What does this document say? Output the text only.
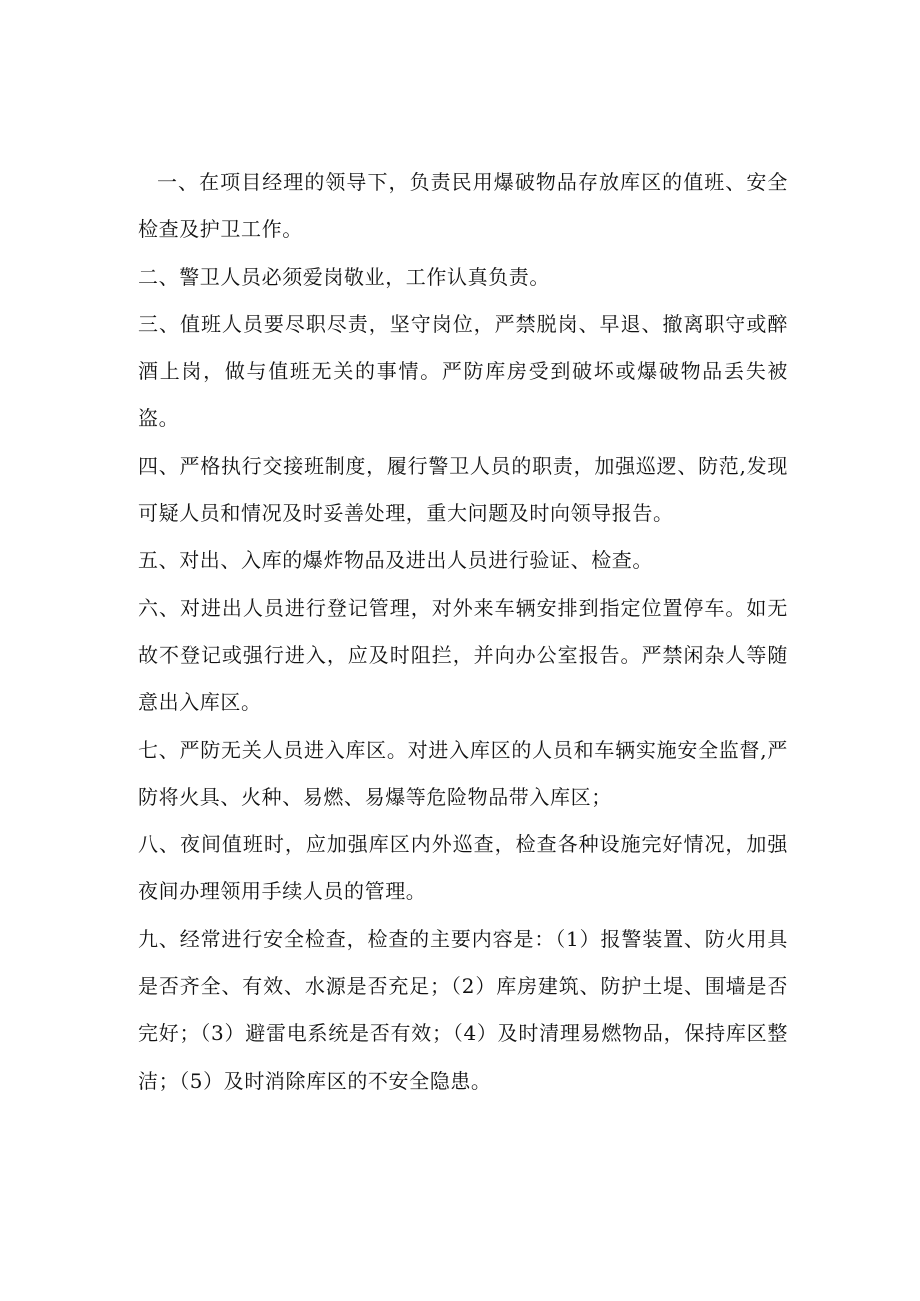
一、在项目经理的领导下，负责民用爆破物品存放库区的值班、安全检查及护卫工作。

二、警卫人员必须爱岗敬业，工作认真负责。

三、值班人员要尽职尽责，坚守岗位，严禁脱岗、早退、撤离职守或醉酒上岗，做与值班无关的事情。严防库房受到破坏或爆破物品丢失被盗。

四、严格执行交接班制度，履行警卫人员的职责，加强巡逻、防范,发现可疑人员和情况及时妥善处理，重大问题及时向领导报告。

五、对出、入库的爆炸物品及进出人员进行验证、检查。

六、对进出人员进行登记管理，对外来车辆安排到指定位置停车。如无故不登记或强行进入，应及时阻拦，并向办公室报告。严禁闲杂人等随意出入库区。

七、严防无关人员进入库区。对进入库区的人员和车辆实施安全监督,严防将火具、火种、易燃、易爆等危险物品带入库区；

八、夜间值班时，应加强库区内外巡查，检查各种设施完好情况，加强夜间办理领用手续人员的管理。

九、经常进行安全检查，检查的主要内容是：（1）报警装置、防火用具是否齐全、有效、水源是否充足；（2）库房建筑、防护土堤、围墙是否完好；（3）避雷电系统是否有效；（4）及时清理易燃物品，保持库区整洁；（5）及时消除库区的不安全隐患。
